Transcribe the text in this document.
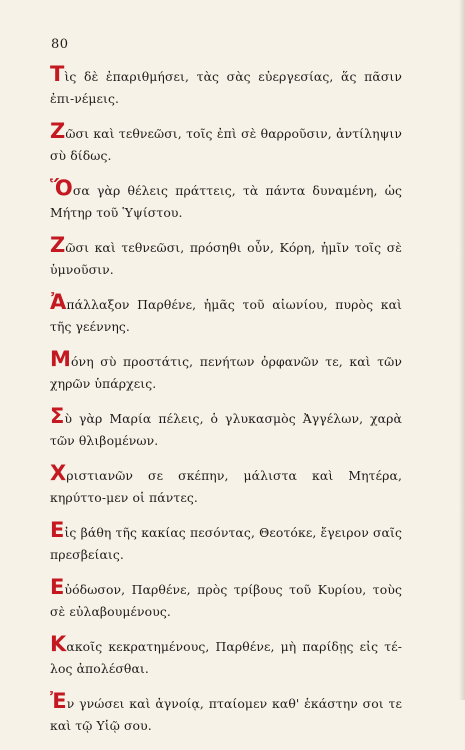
80

Τὶς δὲ ἐπαριθμήσει, τὰς σὰς εὐεργεσίας, ἅς πᾶσιν ἐπι-νέμεις.

Ζῶσι καὶ τεθνεῶσι, τοῖς ἐπὶ σὲ θαρρoῦσιν, ἀντίληψιν σὺ δίδως.

Ὅσα γὰρ θέλεις πράττεις, τὰ πάντα δυναμένη, ὡς Μήτηρ τοῦ Ὑψίστου.

Ζῶσι καὶ τεθνεῶσι, πρόσηθι οὖν, Κόρη, ἡμῖν τοῖς σὲ ὑμνοῦσιν.

Ἀπάλλαξον Παρθένε, ἡμᾶς τοῦ αἰωνίου, πυρὸς καὶ τῆς γεέννης.

Μόνη σὺ προστάτις, πενήτων ὀρφανῶν τε, καὶ τῶν χηρῶν ὑπάρχεις.

Σὺ γὰρ Μαρία πέλεις, ὁ γλυκασμὸς Ἀγγέλων, χαρὰ τῶν θλιβομένων.

Χριστιανῶν σε σκέπην, μάλιστα καὶ Μητέρα, κηρύττο-μεν οἱ πάντες.

Εἰς βάθη τῆς κακίας πεσόντας, Θεοτόκε, ἔγειρον σαῖς πρεσβείαις.

Εὐόδωσον, Παρθένε, πρὸς τρίβους τοῦ Κυρίου, τοὺς σὲ εὐλαβουμένους.

Κακοῖς κεκρατημένους, Παρθένε, μὴ παρίδῃς εἰς τέ-λος ἀπολέσθαι.

Ἐν γνώσει καὶ ἀγνοίᾳ, πταίομεν καθ' ἑκάστην σοι τε καὶ τῷ Υἱῷ σου.
